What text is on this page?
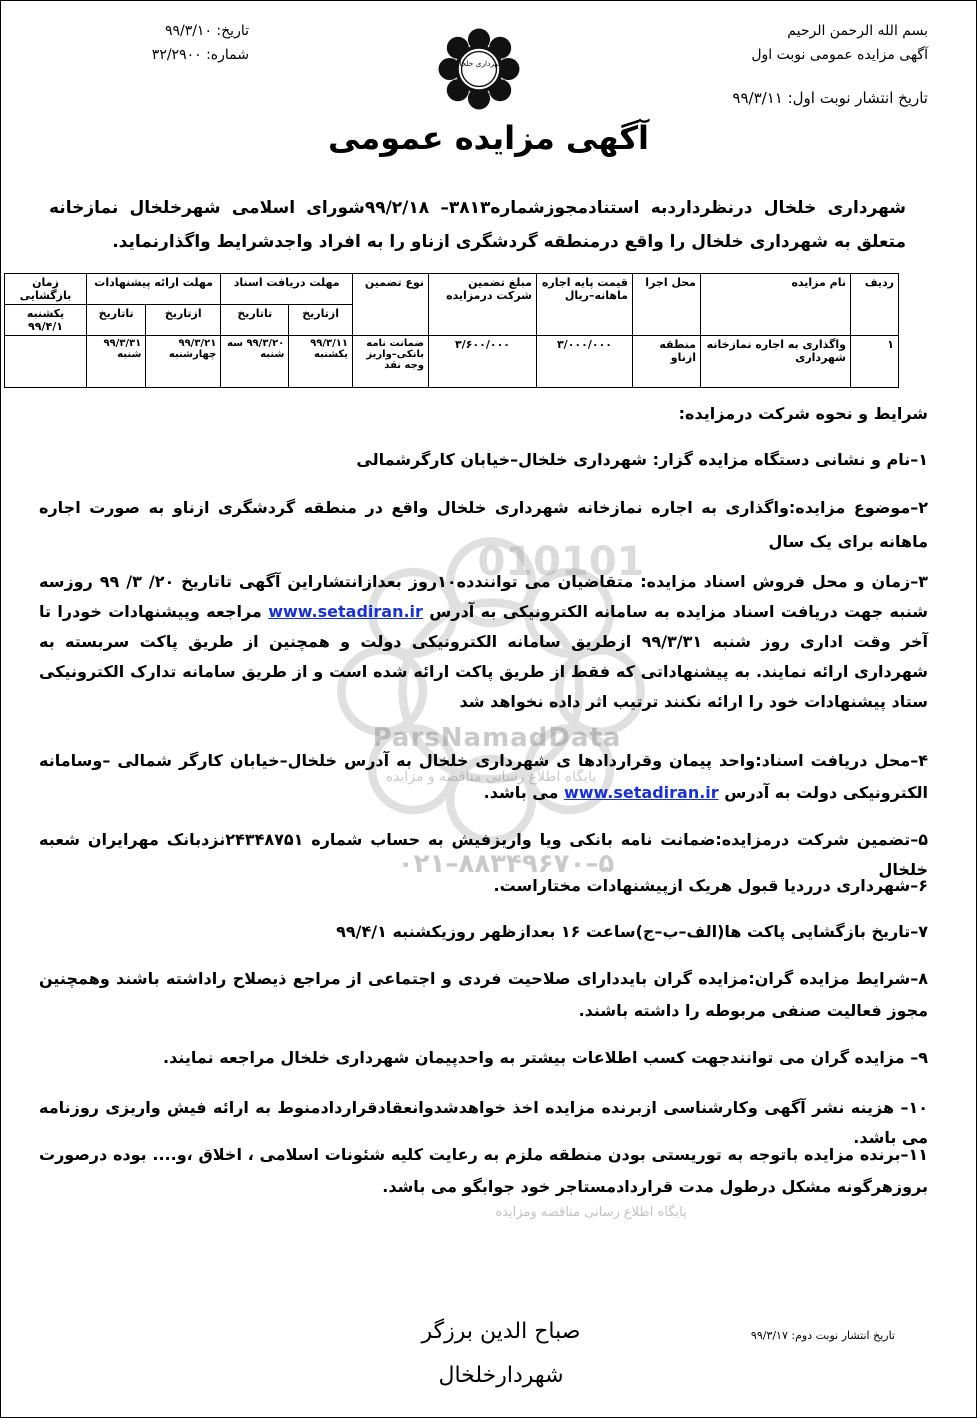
بسم الله الرحمن الرحيم
آگهی مزایده عمومی نوبت اول
تاریخ: ۹۹/۳/۱۰
شماره: ۳۲/۲۹۰۰
تاریخ انتشار نوبت اول: ۹۹/۳/۱۱
شهرداری خلخال
آگهی مزایده عمومی
شهرداری خلخال درنظرداردبه استنادمجوزشماره۳۸۱۳– ۹۹/۲/۱۸شورای اسلامی شهرخلخال نمازخانه متعلق به شهرداری خلخال را واقع درمنطقه گردشگری ازناو را به افراد واجدشرایط واگذارنماید.
ردیف	نام مزایده	محل اجرا	قیمت پایه اجاره ماهانه–ریال	مبلغ تضمین شرکت درمزایده	نوع تضمین	مهلت دریافت اسناد		مهلت ارائه پیشنهادات		زمان بازگشایی
						ازتاریخ	تاتاریخ	ازتاریخ	تاتاریخ	یکشنبه ۹۹/۴/۱
۱	واگذاری به اجاره نمازخانه شهرداری	منطقه ازناو	۳/۰۰۰/۰۰۰	۳/۶۰۰/۰۰۰	ضمانت نامه بانکی–واریز وجه نقد	۹۹/۳/۱۱ یکشنبه	۹۹/۳/۲۰ سه شنبه	۹۹/۳/۲۱ چهارشنبه	۹۹/۳/۳۱ شنبه	
010101
ParsNamadData
پایگاه اطلاع رسانی مناقصه و مزایده
۰۲۱–۸۸۳۴۹۶۷۰–۵
پایگاه اطلاع رسانی مناقصه ومزایده
شرایط و نحوه شرکت درمزایده:
۱–نام و نشانی دستگاه مزایده گزار: شهرداری خلخال–خیابان کارگرشمالی
۲–موضوع مزایده:واگذاری به اجاره نمازخانه شهرداری خلخال واقع در منطقه گردشگری ازناو به صورت اجاره ماهانه برای یک سال
۳–زمان و محل فروش اسناد مزایده: متقاضیان می توانندده۱۰روز بعدازانتشاراین آگهی تاتاریخ ۲۰/ ۳/ ۹۹ روزسه شنبه جهت دریافت اسناد مزایده به سامانه الکترونیکی به آدرس www.setadiran.ir مراجعه وپیشنهادات خودرا تا آخر وقت اداری روز شنبه ۹۹/۳/۳۱ ازطریق سامانه الکترونیکی دولت و همچنین از طریق پاکت سربسته به شهرداری ارائه نمایند. به پیشنهاداتی که فقط از طریق پاکت ارائه شده است و از طریق سامانه تدارک الکترونیکی ستاد پیشنهادات خود را ارائه نکنند ترتیب اثر داده نخواهد شد
۴–محل دریافت اسناد:واحد پیمان وقراردادها ی شهرداری خلخال به آدرس خلخال–خیابان کارگر شمالی –وسامانه الکترونیکی دولت به آدرس www.setadiran.ir می باشد.
۵–تضمین شرکت درمزایده:ضمانت نامه بانکی ویا واریزفیش به حساب شماره ۲۴۳۴۸۷۵۱نزدبانک مهرایران شعبه خلخال
۶–شهرداری درردیا قبول هریک ازپیشنهادات مختاراست.
۷–تاریخ بازگشایی پاکت ها(الف–ب–ج)ساعت ۱۶ بعدازظهر روزیکشنبه ۹۹/۴/۱
۸–شرایط مزایده گران:مزایده گران بایددارای صلاحیت فردی و اجتماعی از مراجع ذیصلاح راداشته باشند وهمچنین مجوز فعالیت صنفی مربوطه را داشته باشند.
۹– مزایده گران می توانندجهت کسب اطلاعات بیشتر به واحدپیمان شهرداری خلخال مراجعه نمایند.
۱۰– هزینه نشر آگهی وکارشناسی ازبرنده مزایده اخذ خواهدشدوانعقادقراردادمنوط به ارائه فیش واریزی روزنامه می باشد.
۱۱–برنده مزایده باتوجه به توریستی بودن منطقه ملزم به رعایت کلیه شئونات اسلامی ، اخلاق ،و.... بوده درصورت بروزهرگونه مشکل درطول مدت قراردادمستاجر خود جوابگو می باشد.
تاریخ انتشار نوبت دوم: ۹۹/۳/۱۷
صباح الدین برزگر
شهردارخلخال
